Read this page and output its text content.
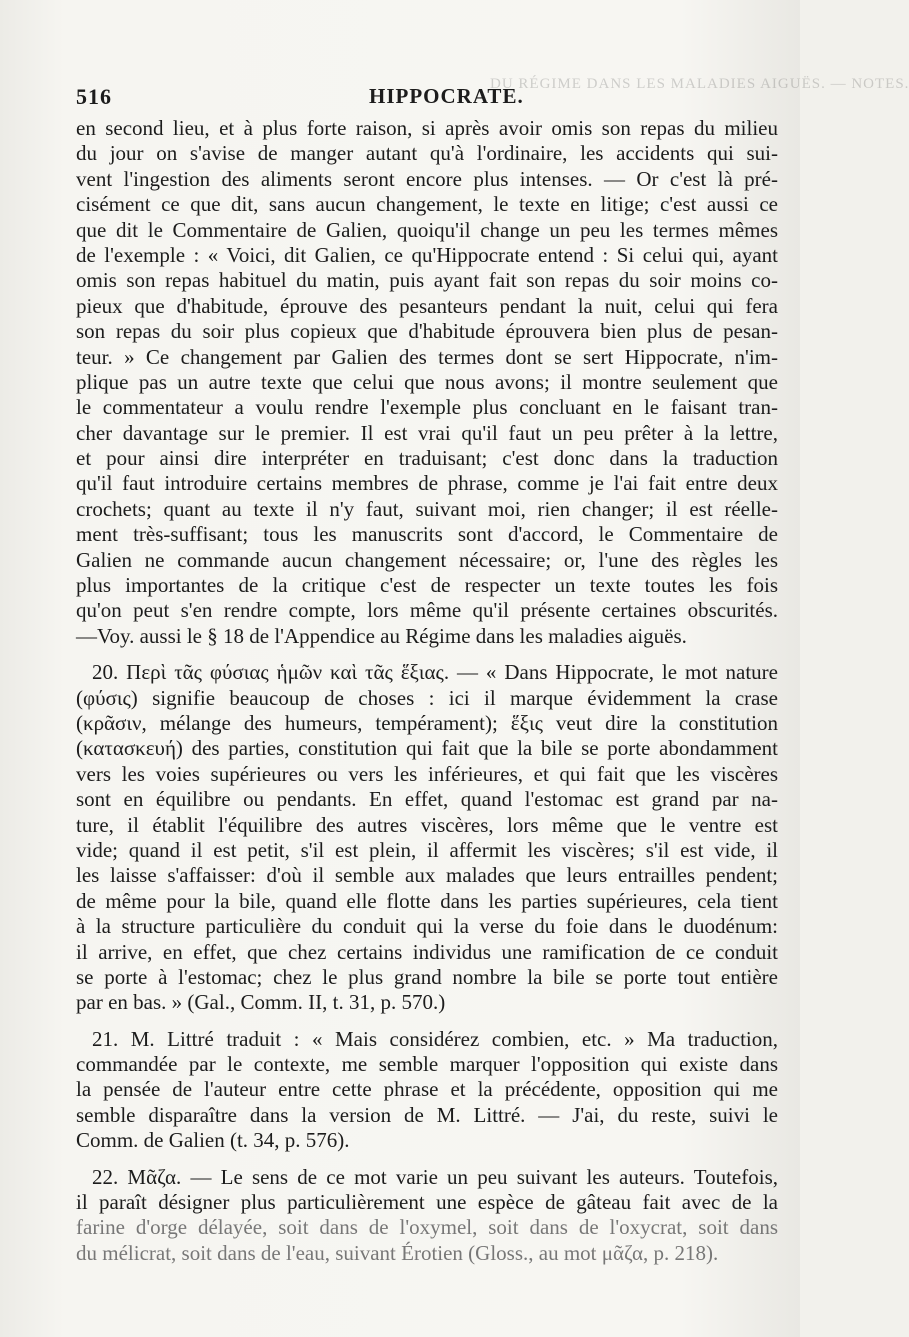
DU RÉGIME DANS LES MALADIES AIGUËS. — NOTES.
516	HIPPOCRATE.
en second lieu, et à plus forte raison, si après avoir omis son repas du milieu
du jour on s'avise de manger autant qu'à l'ordinaire, les accidents qui sui-
vent l'ingestion des aliments seront encore plus intenses. — Or c'est là pré-
cisément ce que dit, sans aucun changement, le texte en litige; c'est aussi ce
que dit le Commentaire de Galien, quoiqu'il change un peu les termes mêmes
de l'exemple : « Voici, dit Galien, ce qu'Hippocrate entend : Si celui qui, ayant
omis son repas habituel du matin, puis ayant fait son repas du soir moins co-
pieux que d'habitude, éprouve des pesanteurs pendant la nuit, celui qui fera
son repas du soir plus copieux que d'habitude éprouvera bien plus de pesan-
teur. » Ce changement par Galien des termes dont se sert Hippocrate, n'im-
plique pas un autre texte que celui que nous avons; il montre seulement que
le commentateur a voulu rendre l'exemple plus concluant en le faisant tran-
cher davantage sur le premier. Il est vrai qu'il faut un peu prêter à la lettre,
et pour ainsi dire interpréter en traduisant; c'est donc dans la traduction
qu'il faut introduire certains membres de phrase, comme je l'ai fait entre deux
crochets; quant au texte il n'y faut, suivant moi, rien changer; il est réelle-
ment très-suffisant; tous les manuscrits sont d'accord, le Commentaire de
Galien ne commande aucun changement nécessaire; or, l'une des règles les
plus importantes de la critique c'est de respecter un texte toutes les fois
qu'on peut s'en rendre compte, lors même qu'il présente certaines obscurités.
—Voy. aussi le § 18 de l'Appendice au Régime dans les maladies aiguës.
20. Περὶ τᾶς φύσιας ἡμῶν καὶ τᾶς ἕξιας. — « Dans Hippocrate, le mot nature
(φύσις) signifie beaucoup de choses : ici il marque évidemment la crase
(κρᾶσιν, mélange des humeurs, tempérament); ἕξις veut dire la constitution
(κατασκευή) des parties, constitution qui fait que la bile se porte abondamment
vers les voies supérieures ou vers les inférieures, et qui fait que les viscères
sont en équilibre ou pendants. En effet, quand l'estomac est grand par na-
ture, il établit l'équilibre des autres viscères, lors même que le ventre est
vide; quand il est petit, s'il est plein, il affermit les viscères; s'il est vide, il
les laisse s'affaisser: d'où il semble aux malades que leurs entrailles pendent;
de même pour la bile, quand elle flotte dans les parties supérieures, cela tient
à la structure particulière du conduit qui la verse du foie dans le duodénum:
il arrive, en effet, que chez certains individus une ramification de ce conduit
se porte à l'estomac; chez le plus grand nombre la bile se porte tout entière
par en bas. » (Gal., Comm. II, t. 31, p. 570.)
21. M. Littré traduit : « Mais considérez combien, etc. » Ma traduction,
commandée par le contexte, me semble marquer l'opposition qui existe dans
la pensée de l'auteur entre cette phrase et la précédente, opposition qui me
semble disparaître dans la version de M. Littré. — J'ai, du reste, suivi le
Comm. de Galien (t. 34, p. 576).
22. Μᾶζα. — Le sens de ce mot varie un peu suivant les auteurs. Toutefois,
il paraît désigner plus particulièrement une espèce de gâteau fait avec de la
farine d'orge délayée, soit dans de l'oxymel, soit dans de l'oxycrat, soit dans
du mélicrat, soit dans de l'eau, suivant Érotien (Gloss., au mot μᾶζα, p. 218).
